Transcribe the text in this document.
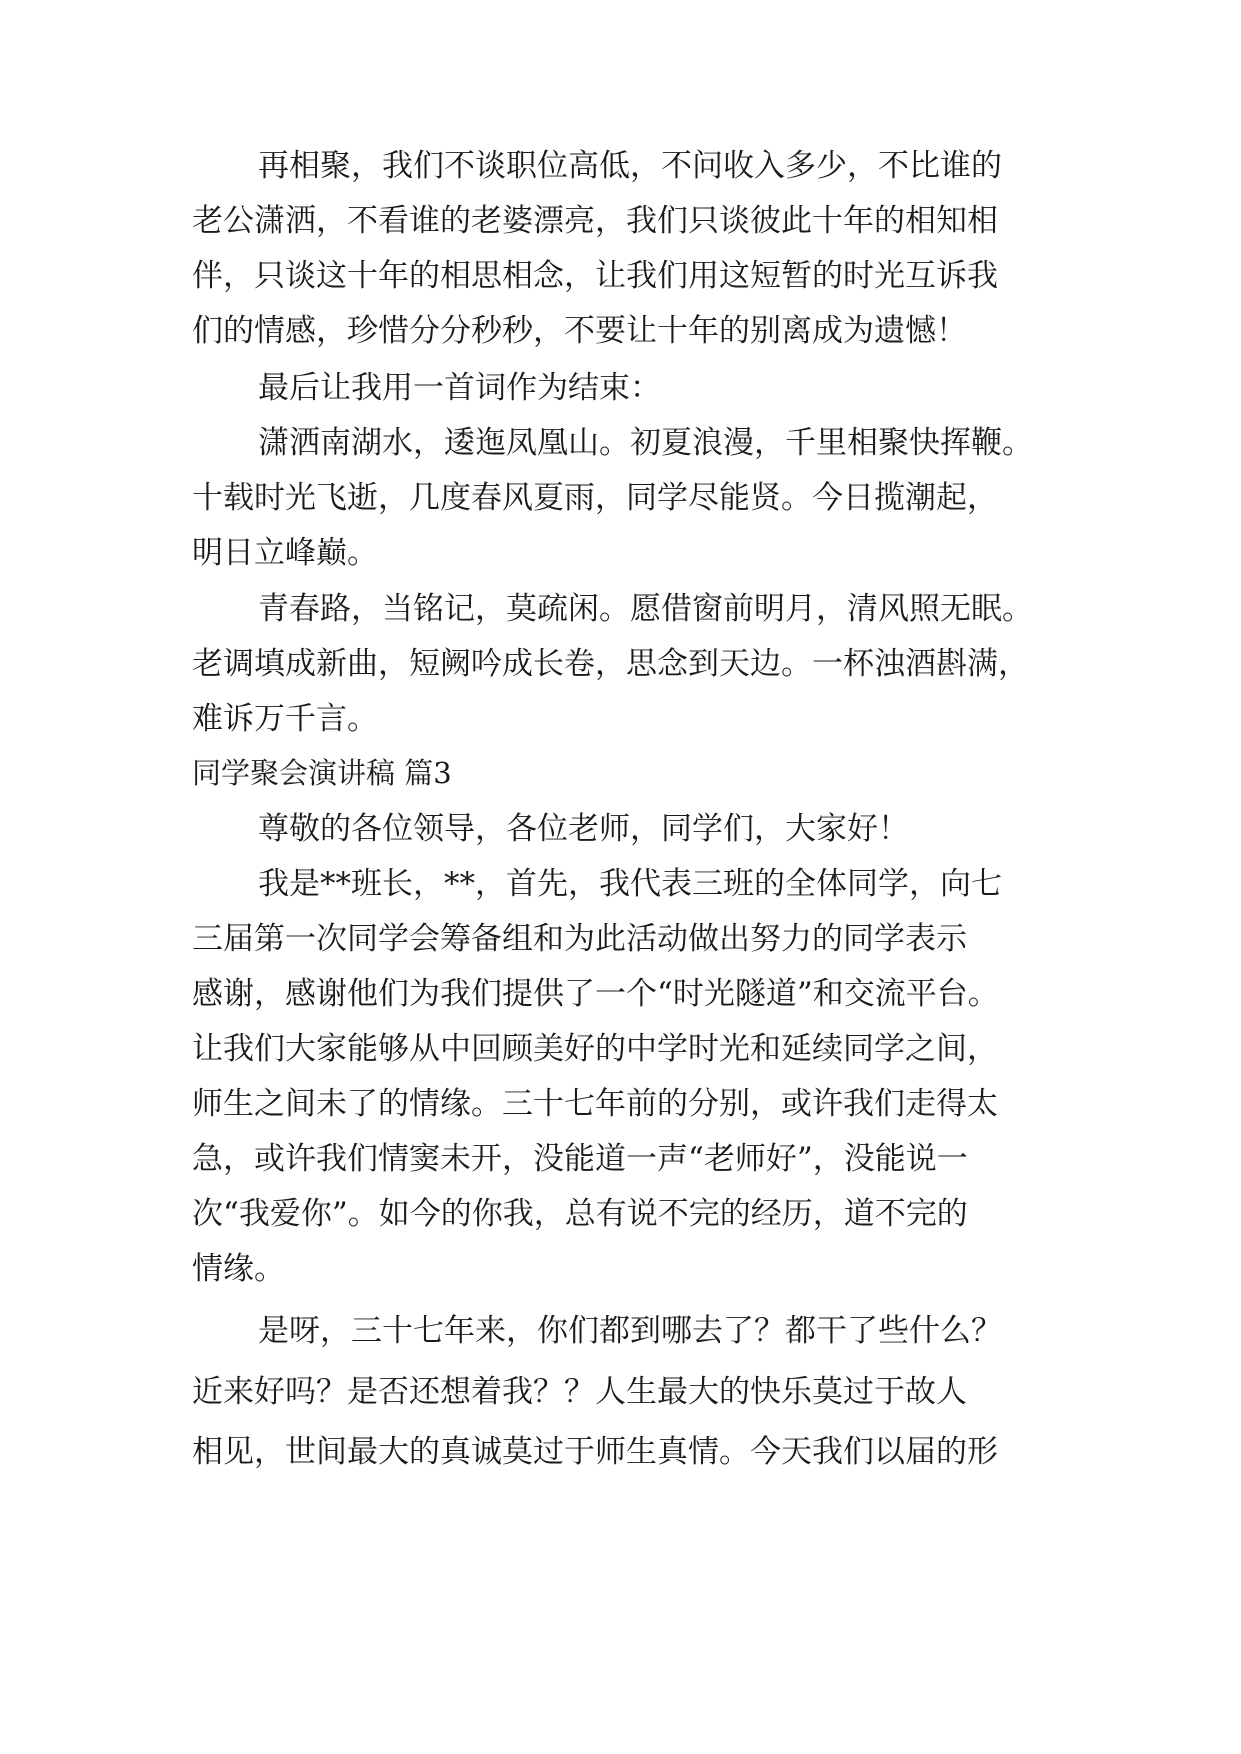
再相聚，我们不谈职位高低，不问收入多少，不比谁的
老公潇洒，不看谁的老婆漂亮，我们只谈彼此十年的相知相
伴，只谈这十年的相思相念，让我们用这短暂的时光互诉我
们的情感，珍惜分分秒秒，不要让十年的别离成为遗憾！
最后让我用一首词作为结束：
潇洒南湖水，逶迤凤凰山。初夏浪漫，千里相聚快挥鞭。
十载时光飞逝，几度春风夏雨，同学尽能贤。今日揽潮起，
明日立峰巅。
青春路，当铭记，莫疏闲。愿借窗前明月，清风照无眠。
老调填成新曲，短阙吟成长卷，思念到天边。一杯浊酒斟满，
难诉万千言。
同学聚会演讲稿 篇3
尊敬的各位领导，各位老师，同学们，大家好！
我是**班长，**，首先，我代表三班的全体同学，向七
三届第一次同学会筹备组和为此活动做出努力的同学表示
感谢，感谢他们为我们提供了一个“时光隧道”和交流平台。
让我们大家能够从中回顾美好的中学时光和延续同学之间，
师生之间未了的情缘。三十七年前的分别，或许我们走得太
急，或许我们情窦未开，没能道一声“老师好”，没能说一
次“我爱你”。如今的你我，总有说不完的经历，道不完的
情缘。
是呀，三十七年来，你们都到哪去了？都干了些什么？
近来好吗？是否还想着我？？人生最大的快乐莫过于故人
相见，世间最大的真诚莫过于师生真情。今天我们以届的形
